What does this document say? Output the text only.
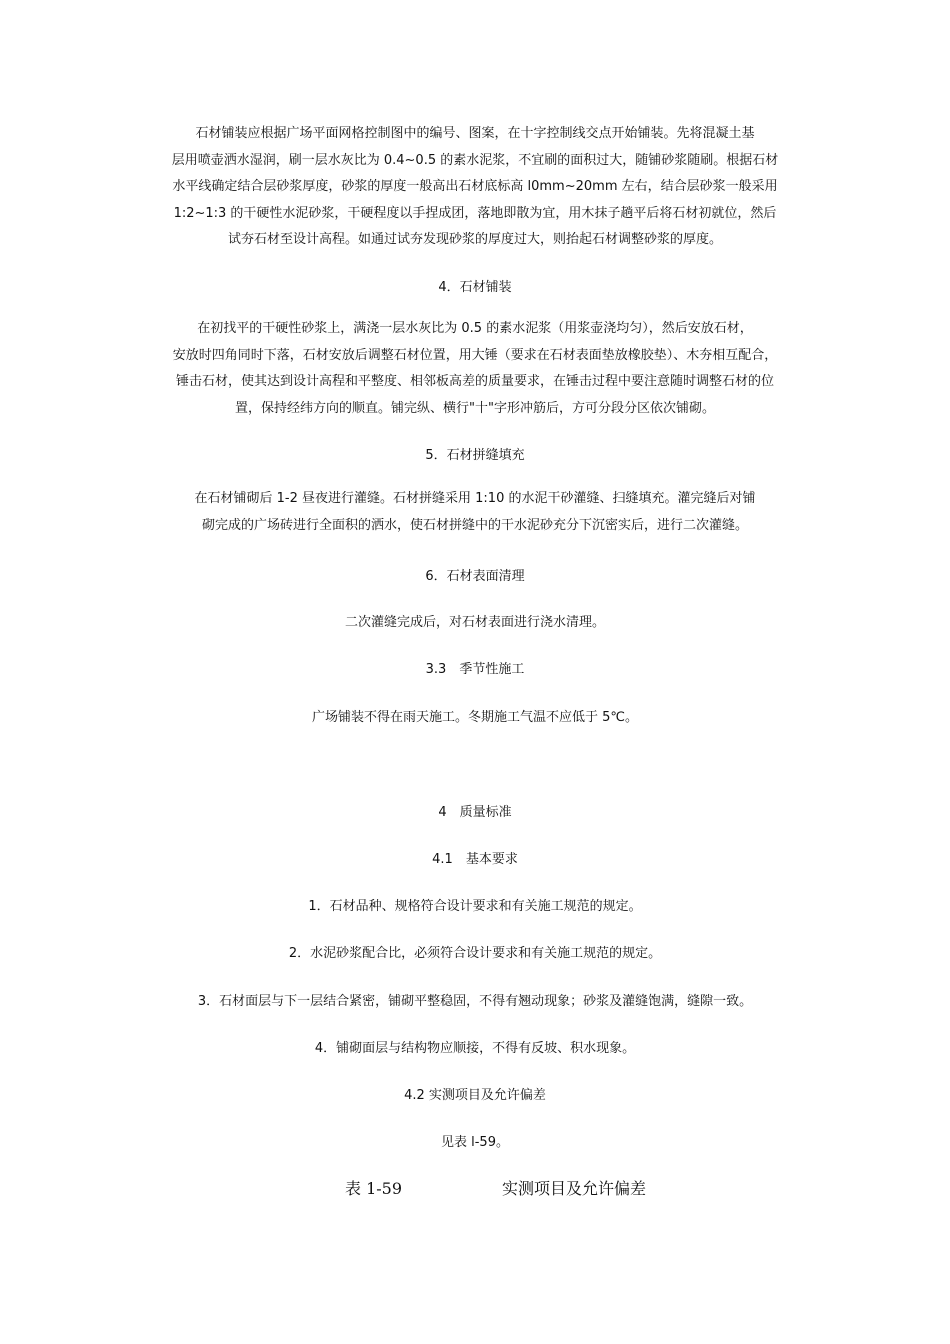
石材铺装应根据广场平面网格控制图中的编号、图案，在十字控制线交点开始铺装。先将混凝土基
层用喷壶洒水湿润，刷一层水灰比为 0.4~0.5 的素水泥浆，不宜刷的面积过大，随铺砂浆随刷。根据石材
水平线确定结合层砂浆厚度，砂浆的厚度一般高出石材底标高 l0mm~20mm 左右，结合层砂浆一般采用
1:2~1:3 的干硬性水泥砂浆，干硬程度以手捏成团，落地即散为宜，用木抹子趟平后将石材初就位，然后
试夯石材至设计高程。如通过试夯发现砂浆的厚度过大，则抬起石材调整砂浆的厚度。
4．石材铺装
在初找平的干硬性砂浆上，满浇一层水灰比为 0.5 的素水泥浆（用浆壶浇均匀），然后安放石材，
安放时四角同时下落，石材安放后调整石材位置，用大锤（要求在石材表面垫放橡胶垫）、木夯相互配合，
锤击石材，使其达到设计高程和平整度、相邻板高差的质量要求，在锤击过程中要注意随时调整石材的位
置，保持经纬方向的顺直。铺完纵、横行"十"字形冲筋后，方可分段分区依次铺砌。
5．石材拼缝填充
在石材铺砌后 1-2 昼夜进行灌缝。石材拼缝采用 1:10 的水泥干砂灌缝、扫缝填充。灌完缝后对铺
砌完成的广场砖进行全面积的洒水，使石材拼缝中的干水泥砂充分下沉密实后，进行二次灌缝。
6．石材表面清理
二次灌缝完成后，对石材表面进行浇水清理。
3.3　季节性施工
广场铺装不得在雨天施工。冬期施工气温不应低于 5℃。
4　质量标准
4.1　基本要求
1．石材品种、规格符合设计要求和有关施工规范的规定。
2．水泥砂浆配合比，必须符合设计要求和有关施工规范的规定。
3．石材面层与下一层结合紧密，铺砌平整稳固，不得有翘动现象；砂浆及灌缝饱满，缝隙一致。
4．铺砌面层与结构物应顺接，不得有反坡、积水现象。
4.2 实测项目及允许偏差
见表 l-59。
表 1-59	实测项目及允许偏差
